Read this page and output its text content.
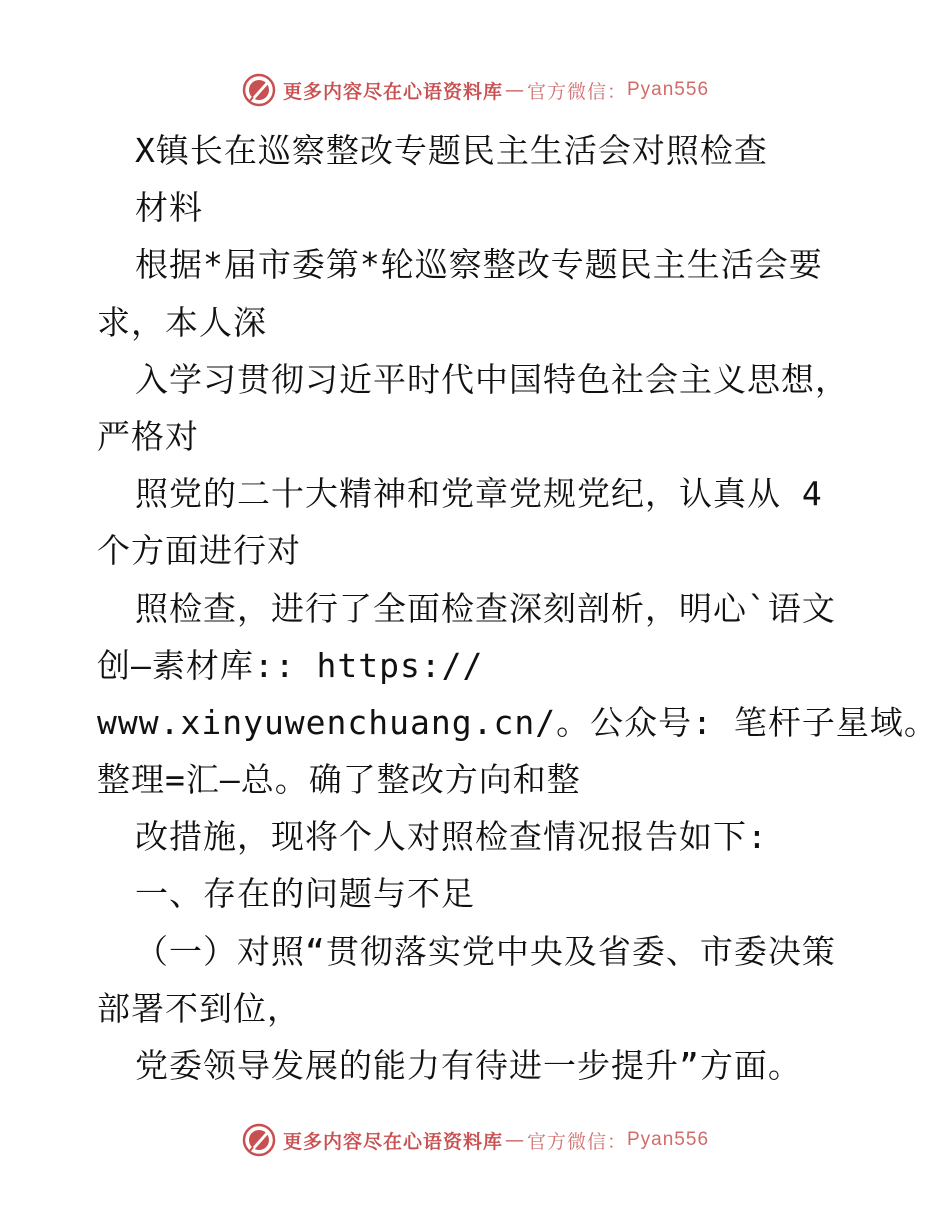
更多内容尽在心语资料库 — 官方微信： Pyan556
X镇长在巡察整改专题民主生活会对照检查
材料
根据*届市委第*轮巡察整改专题民主生活会要
求，本人深
入学习贯彻习近平时代中国特色社会主义思想，
严格对
照党的二十大精神和党章党规党纪，认真从 4
个方面进行对
照检查，进行了全面检查深刻剖析，明心`语文
创—素材库:: https://
www.xinyuwenchuang.cn/。公众号: 笔杆子星域。
整理=汇—总。确了整改方向和整
改措施，现将个人对照检查情况报告如下:
一、存在的问题与不足
（一）对照“贯彻落实党中央及省委、市委决策
部署不到位，
党委领导发展的能力有待进一步提升”方面。
更多内容尽在心语资料库 — 官方微信： Pyan556
